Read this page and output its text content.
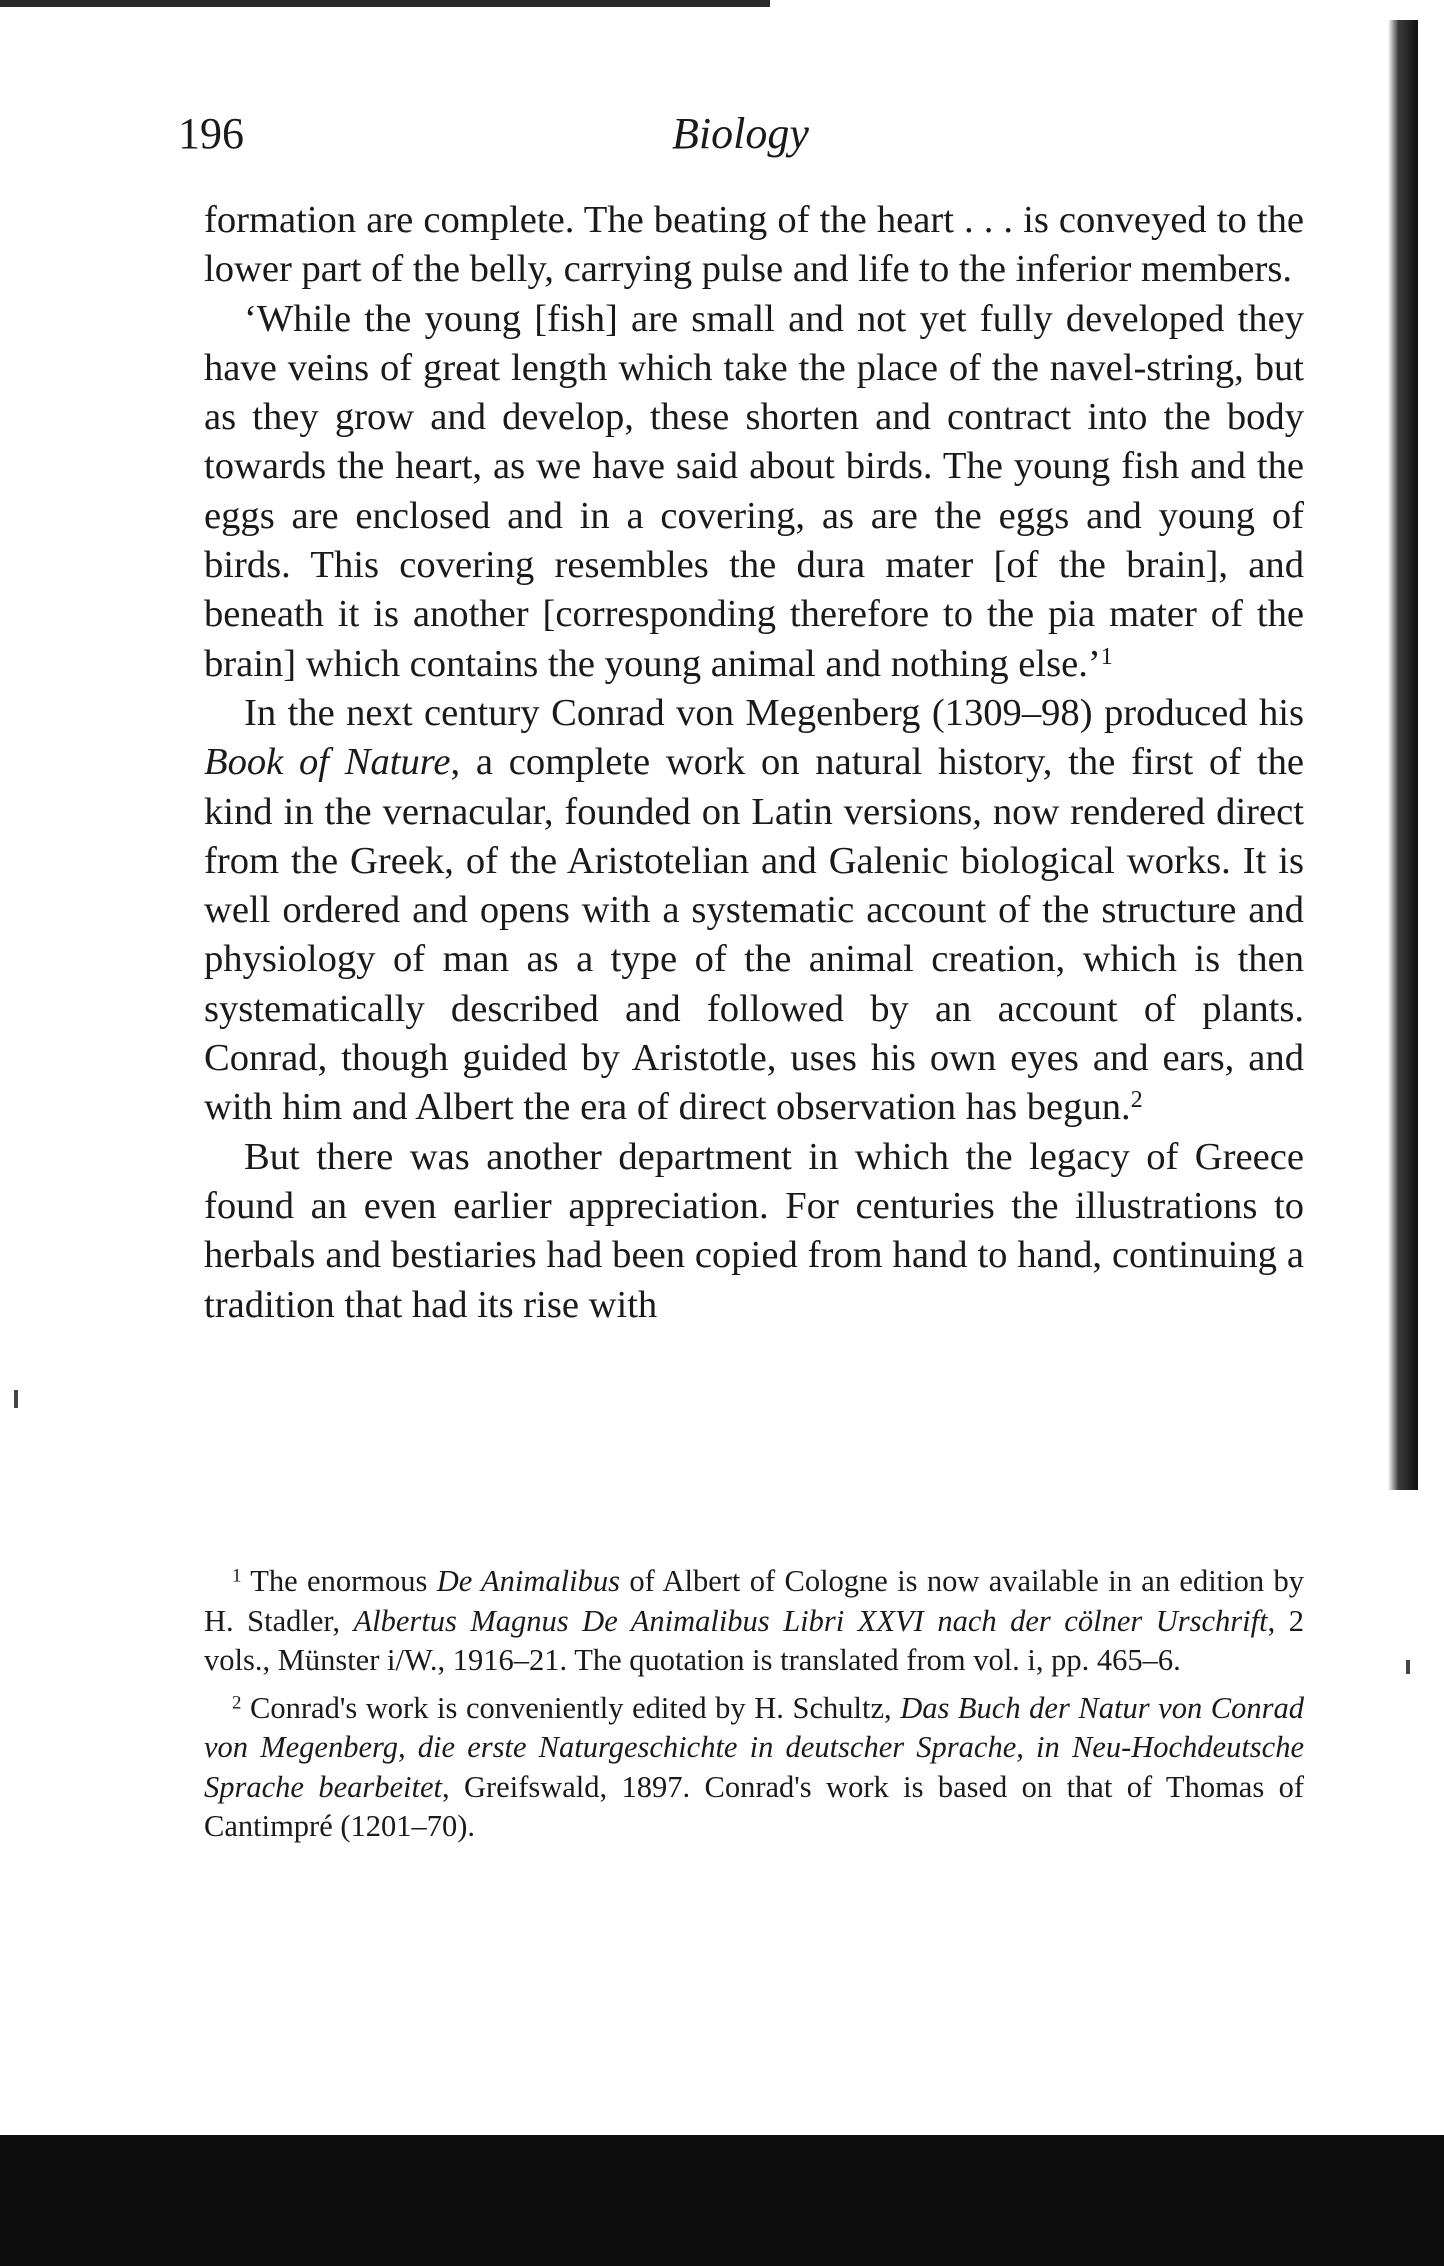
196	Biology

formation are complete. The beating of the heart . . . is conveyed to the lower part of the belly, carrying pulse and life to the inferior members.

‘While the young [fish] are small and not yet fully developed they have veins of great length which take the place of the navel-string, but as they grow and develop, these shorten and contract into the body towards the heart, as we have said about birds. The young fish and the eggs are enclosed and in a covering, as are the eggs and young of birds. This covering resembles the dura mater [of the brain], and beneath it is another [corresponding therefore to the pia mater of the brain] which contains the young animal and nothing else.’$^1$

In the next century Conrad von Megenberg (1309–98) produced his Book of Nature, a complete work on natural history, the first of the kind in the vernacular, founded on Latin versions, now rendered direct from the Greek, of the Aristotelian and Galenic biological works. It is well ordered and opens with a systematic account of the structure and physiology of man as a type of the animal creation, which is then systematically described and followed by an account of plants. Conrad, though guided by Aristotle, uses his own eyes and ears, and with him and Albert the era of direct observation has begun.$^2$

But there was another department in which the legacy of Greece found an even earlier appreciation. For centuries the illustrations to herbals and bestiaries had been copied from hand to hand, continuing a tradition that had its rise with

$^1$ The enormous De Animalibus of Albert of Cologne is now available in an edition by H. Stadler, Albertus Magnus De Animalibus Libri XXVI nach der cölner Urschrift, 2 vols., Münster i/W., 1916–21. The quotation is translated from vol. i, pp. 465–6.

$^2$ Conrad's work is conveniently edited by H. Schultz, Das Buch der Natur von Conrad von Megenberg, die erste Naturgeschichte in deutscher Sprache, in Neu-Hochdeutsche Sprache bearbeitet, Greifswald, 1897. Conrad's work is based on that of Thomas of Cantimpré (1201–70).
